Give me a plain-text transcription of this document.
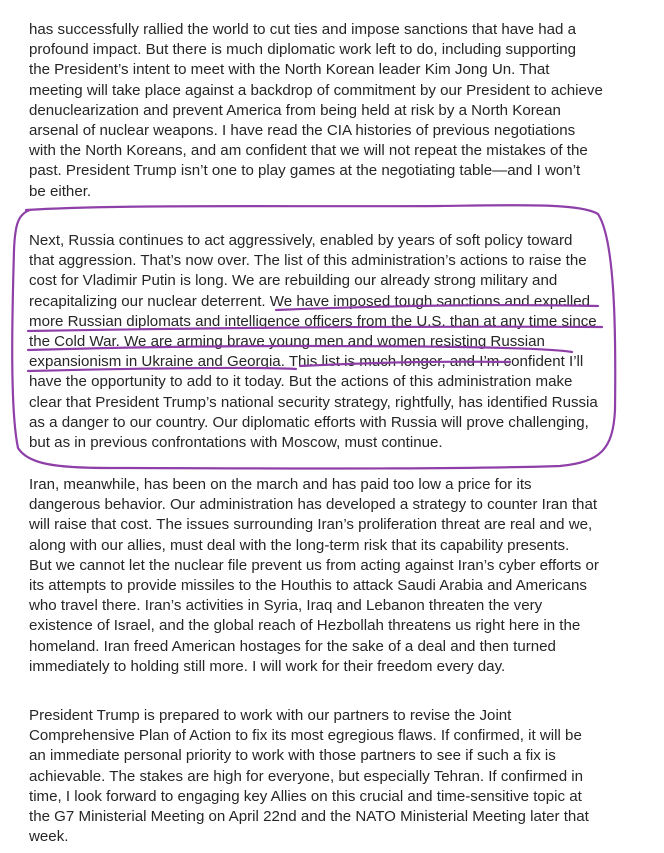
has successfully rallied the world to cut ties and impose sanctions that have had a
profound impact. But there is much diplomatic work left to do, including supporting
the President’s intent to meet with the North Korean leader Kim Jong Un. That
meeting will take place against a backdrop of commitment by our President to achieve
denuclearization and prevent America from being held at risk by a North Korean
arsenal of nuclear weapons. I have read the CIA histories of previous negotiations
with the North Koreans, and am confident that we will not repeat the mistakes of the
past. President Trump isn’t one to play games at the negotiating table—and I won’t
be either.

Next, Russia continues to act aggressively, enabled by years of soft policy toward
that aggression. That’s now over. The list of this administration’s actions to raise the
cost for Vladimir Putin is long. We are rebuilding our already strong military and
recapitalizing our nuclear deterrent. We have imposed tough sanctions and expelled
more Russian diplomats and intelligence officers from the U.S. than at any time since
the Cold War. We are arming brave young men and women resisting Russian
expansionism in Ukraine and Georgia. This list is much longer, and I’m confident I’ll
have the opportunity to add to it today. But the actions of this administration make
clear that President Trump’s national security strategy, rightfully, has identified Russia
as a danger to our country. Our diplomatic efforts with Russia will prove challenging,
but as in previous confrontations with Moscow, must continue.

Iran, meanwhile, has been on the march and has paid too low a price for its
dangerous behavior. Our administration has developed a strategy to counter Iran that
will raise that cost. The issues surrounding Iran’s proliferation threat are real and we,
along with our allies, must deal with the long-term risk that its capability presents.
But we cannot let the nuclear file prevent us from acting against Iran’s cyber efforts or
its attempts to provide missiles to the Houthis to attack Saudi Arabia and Americans
who travel there. Iran’s activities in Syria, Iraq and Lebanon threaten the very
existence of Israel, and the global reach of Hezbollah threatens us right here in the
homeland. Iran freed American hostages for the sake of a deal and then turned
immediately to holding still more. I will work for their freedom every day.

President Trump is prepared to work with our partners to revise the Joint
Comprehensive Plan of Action to fix its most egregious flaws. If confirmed, it will be
an immediate personal priority to work with those partners to see if such a fix is
achievable. The stakes are high for everyone, but especially Tehran. If confirmed in
time, I look forward to engaging key Allies on this crucial and time-sensitive topic at
the G7 Ministerial Meeting on April 22nd and the NATO Ministerial Meeting later that
week.
